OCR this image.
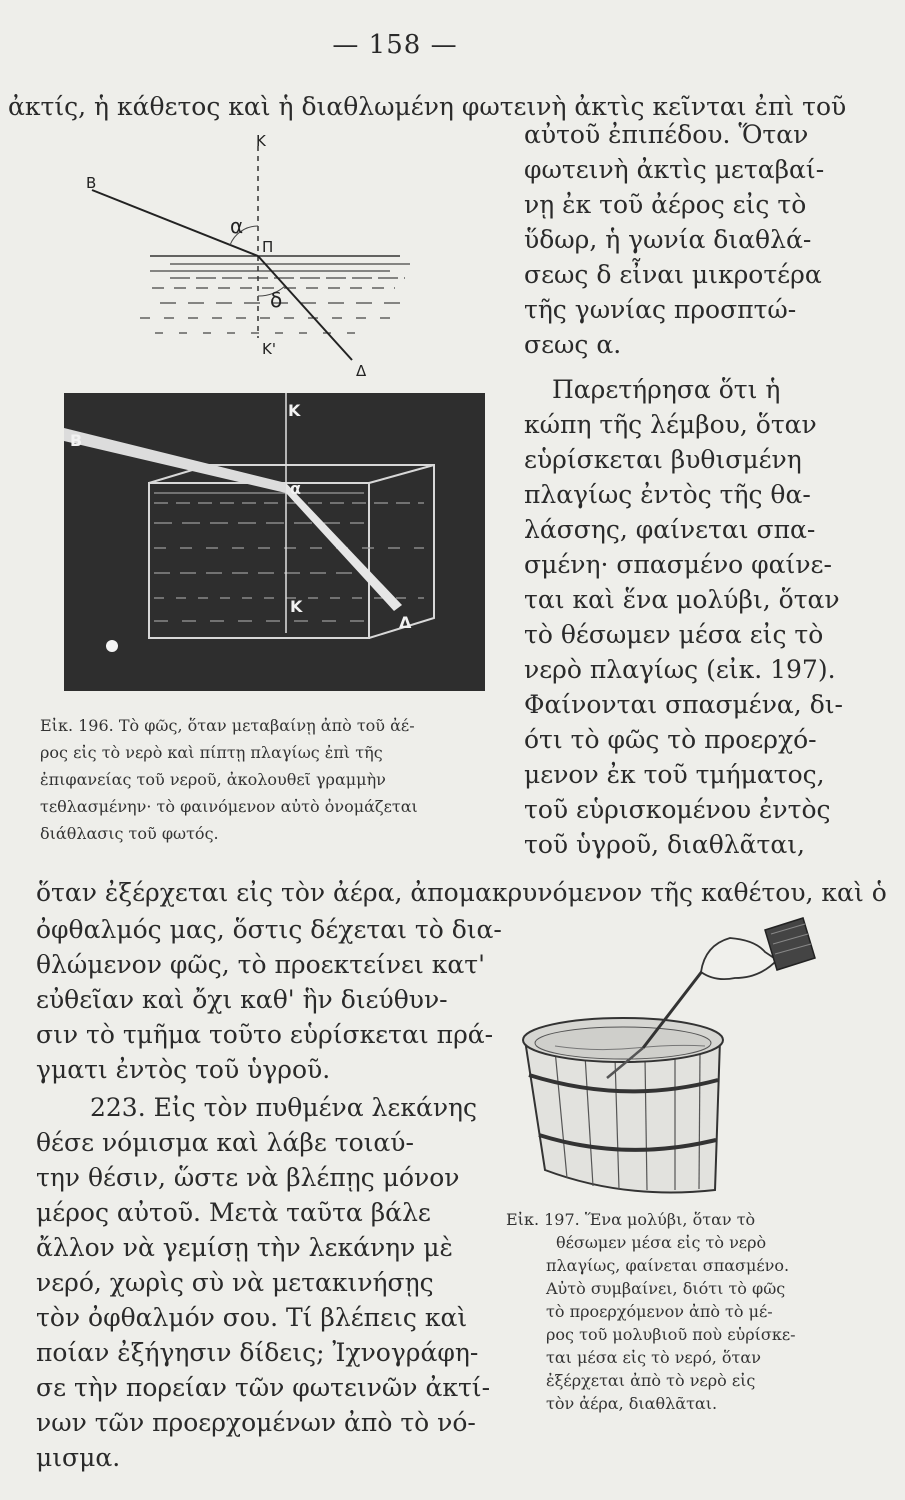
— 158 —
ἀκτίς, ἡ κάθετος καὶ ἡ διαθλωμένη φωτεινὴ ἀκτὶς κεῖνται ἐπὶ τοῦ
Κ
Β
α
Π
δ
Κ'
Δ
Κ
Β
α
Κ
Δ
αὐτοῦ ἐπιπέδου. Ὅταν
φωτεινὴ ἀκτὶς μεταβαί-
νῃ ἐκ τοῦ ἀέρος εἰς τὸ
ὕδωρ, ἡ γωνία διαθλά-
σεως δ εἶναι μικροτέρα
τῆς γωνίας προσπτώ-
σεως α.
Παρετήρησα ὅτι ἡ
κώπη τῆς λέμβου, ὅταν
εὑρίσκεται βυθισμένη
πλαγίως ἐντὸς τῆς θα-
λάσσης, φαίνεται σπα-
σμένη· σπασμένο φαίνε-
ται καὶ ἕνα μολύβι, ὅταν
τὸ θέσωμεν μέσα εἰς τὸ
νερὸ πλαγίως (εἰκ. 197).
Φαίνονται σπασμένα, δι-
ότι τὸ φῶς τὸ προερχό-
μενον ἐκ τοῦ τμήματος,
τοῦ εὑρισκομένου ἐντὸς
τοῦ ὑγροῦ, διαθλᾶται,
Εἰκ. 196. Τὸ φῶς, ὅταν μεταβαίνῃ ἀπὸ τοῦ ἀέ-
ρος εἰς τὸ νερὸ καὶ πίπτῃ πλαγίως ἐπὶ τῆς
ἐπιφανείας τοῦ νεροῦ, ἀκολουθεῖ γραμμὴν
τεθλασμένην· τὸ φαινόμενον αὐτὸ ὀνομάζεται
διάθλασις τοῦ φωτός.
ὅταν ἐξέρχεται εἰς τὸν ἀέρα, ἀπομακρυνόμενον τῆς καθέτου, καὶ ὁ
ὀφθαλμός μας, ὅστις δέχεται τὸ δια-
θλώμενον φῶς, τὸ προεκτείνει κατ'
εὐθεῖαν καὶ ὄχι καθ' ἣν διεύθυν-
σιν τὸ τμῆμα τοῦτο εὑρίσκεται πρά-
γματι ἐντὸς τοῦ ὑγροῦ.
223. Εἰς τὸν πυθμένα λεκάνης
θέσε νόμισμα καὶ λάβε τοιαύ-
την θέσιν, ὥστε νὰ βλέπῃς μόνον
μέρος αὐτοῦ. Μετὰ ταῦτα βάλε
ἄλλον νὰ γεμίσῃ τὴν λεκάνην μὲ
νερό, χωρὶς σὺ νὰ μετακινήσῃς
τὸν ὀφθαλμόν σου. Τί βλέπεις καὶ
ποίαν ἐξήγησιν δίδεις; Ἰχνογράφη-
σε τὴν πορείαν τῶν φωτεινῶν ἀκτί-
νων τῶν προερχομένων ἀπὸ τὸ νό-
μισμα.
Εἰκ. 197. Ἕνα μολύβι, ὅταν τὸ
θέσωμεν μέσα εἰς τὸ νερὸ
πλαγίως, φαίνεται σπασμένο.
Αὐτὸ συμβαίνει, διότι τὸ φῶς
τὸ προερχόμενον ἀπὸ τὸ μέ-
ρος τοῦ μολυβιοῦ ποὺ εὑρίσκε-
ται μέσα εἰς τὸ νερό, ὅταν
ἐξέρχεται ἀπὸ τὸ νερὸ εἰς
τὸν ἀέρα, διαθλᾶται.
